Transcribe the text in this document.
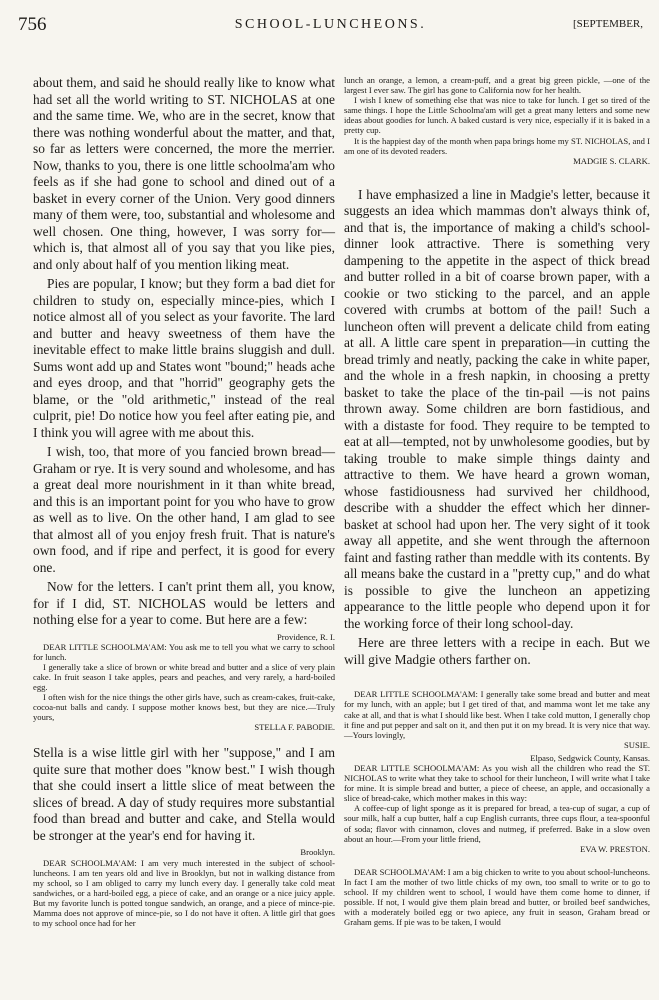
756	SCHOOL-LUNCHEONS.	[SEPTEMBER,

about them, and said he should really like to know what had set all the world writing to ST. NICHOLAS at one and the same time. We, who are in the secret, know that there was nothing wonderful about the matter, and that, so far as letters were concerned, the more the merrier. Now, thanks to you, there is one little schoolma'am who feels as if she had gone to school and dined out of a basket in every corner of the Union. Very good dinners many of them were, too, substantial and wholesome and well chosen. One thing, however, I was sorry for—which is, that almost all of you say that you like pies, and only about half of you mention liking meat.

Pies are popular, I know; but they form a bad diet for children to study on, especially mince-pies, which I notice almost all of you select as your favorite. The lard and butter and heavy sweetness of them have the inevitable effect to make little brains sluggish and dull. Sums wont add up and States wont "bound;" heads ache and eyes droop, and that "horrid" geography gets the blame, or the "old arithmetic," instead of the real culprit, pie! Do notice how you feel after eating pie, and I think you will agree with me about this.

I wish, too, that more of you fancied brown bread—Graham or rye. It is very sound and wholesome, and has a great deal more nourishment in it than white bread, and this is an important point for you who have to grow as well as to live. On the other hand, I am glad to see that almost all of you enjoy fresh fruit. That is nature's own food, and if ripe and perfect, it is good for every one.

Now for the letters. I can't print them all, you know, for if I did, ST. NICHOLAS would be letters and nothing else for a year to come. But here are a few:

Providence, R. I.

DEAR LITTLE SCHOOLMA'AM: You ask me to tell you what we carry to school for lunch.

I generally take a slice of brown or white bread and butter and a slice of very plain cake. In fruit season I take apples, pears and peaches, and very rarely, a hard-boiled egg.

I often wish for the nice things the other girls have, such as cream-cakes, fruit-cake, cocoa-nut balls and candy. I suppose mother knows best, but they are nice.—Truly yours,

STELLA F. PABODIE.

Stella is a wise little girl with her "suppose," and I am quite sure that mother does "know best." I wish though that she could insert a little slice of meat between the slices of bread. A day of study requires more substantial food than bread and butter and cake, and Stella would be stronger at the year's end for having it.

Brooklyn.

DEAR SCHOOLMA'AM: I am very much interested in the subject of school-luncheons. I am ten years old and live in Brooklyn, but not in walking distance from my school, so I am obliged to carry my lunch every day. I generally take cold meat sandwiches, or a hard-boiled egg, a piece of cake, and an orange or a nice juicy apple. But my favorite lunch is potted tongue sandwich, an orange, and a piece of mince-pie. Mamma does not approve of mince-pie, so I do not have it often. A little girl that goes to my school once had for her

lunch an orange, a lemon, a cream-puff, and a great big green pickle, —one of the largest I ever saw. The girl has gone to California now for her health.

I wish I knew of something else that was nice to take for lunch. I get so tired of the same things. I hope the Little Schoolma'am will get a great many letters and some new ideas about goodies for lunch. A baked custard is very nice, especially if it is baked in a pretty cup.

It is the happiest day of the month when papa brings home my ST. NICHOLAS, and I am one of its devoted readers.

MADGIE S. CLARK.

I have emphasized a line in Madgie's letter, because it suggests an idea which mammas don't always think of, and that is, the importance of making a child's school-dinner look attractive. There is something very dampening to the appetite in the aspect of thick bread and butter rolled in a bit of coarse brown paper, with a cookie or two sticking to the parcel, and an apple covered with crumbs at bottom of the pail! Such a luncheon often will prevent a delicate child from eating at all. A little care spent in preparation—in cutting the bread trimly and neatly, packing the cake in white paper, and the whole in a fresh napkin, in choosing a pretty basket to take the place of the tin-pail —is not pains thrown away. Some children are born fastidious, and with a distaste for food. They require to be tempted to eat at all—tempted, not by unwholesome goodies, but by taking trouble to make simple things dainty and attractive to them. We have heard a grown woman, whose fastidiousness had survived her childhood, describe with a shudder the effect which her dinner-basket at school had upon her. The very sight of it took away all appetite, and she went through the afternoon faint and fasting rather than meddle with its contents. By all means bake the custard in a "pretty cup," and do what is possible to give the luncheon an appetizing appearance to the little people who depend upon it for the working force of their long school-day.

Here are three letters with a recipe in each. But we will give Madgie others farther on.

DEAR LITTLE SCHOOLMA'AM: I generally take some bread and butter and meat for my lunch, with an apple; but I get tired of that, and mamma wont let me take any cake at all, and that is what I should like best. When I take cold mutton, I generally chop it fine and put pepper and salt on it, and then put it on my bread. It is very nice that way.—Yours lovingly,

SUSIE.

Elpaso, Sedgwick County, Kansas.

DEAR LITTLE SCHOOLMA'AM: As you wish all the children who read the ST. NICHOLAS to write what they take to school for their luncheon, I will write what I take for mine. It is simple bread and butter, a piece of cheese, an apple, and occasionally a slice of bread-cake, which mother makes in this way:

A coffee-cup of light sponge as it is prepared for bread, a tea-cup of sugar, a cup of sour milk, half a cup butter, half a cup English currants, three cups flour, a tea-spoonful of soda; flavor with cinnamon, cloves and nutmeg, if preferred. Bake in a slow oven about an hour.—From your little friend,

EVA W. PRESTON.

DEAR SCHOOLMA'AM: I am a big chicken to write to you about school-luncheons. In fact I am the mother of two little chicks of my own, too small to write or to go to school. If my children went to school, I would have them come home to dinner, if possible. If not, I would give them plain bread and butter, or broiled beef sandwiches, with a moderately boiled egg or two apiece, any fruit in season, Graham bread or Graham gems. If pie was to be taken, I would
